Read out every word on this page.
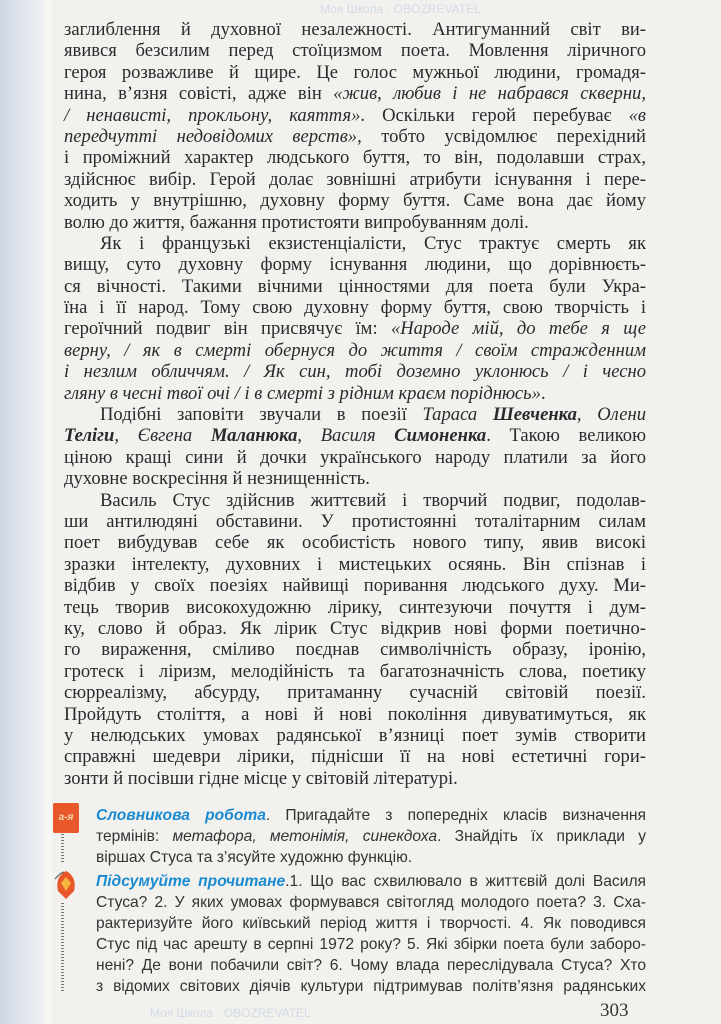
Моя Школа · OBOZREVATEL
Моя Школа · OBOZREVATEL
заглиблення й духовної незалежності. Антигуманний світ ви-
явився безсилим перед стоїцизмом поета. Мовлення ліричного
героя розважливе й щире. Це голос мужньої людини, громадя-
нина, в’язня совісті, адже він «жив, любив і не набрався скверни,
/ ненависті, прокльону, каяття». Оскільки герой перебуває «в
передчутті недовідомих верств», тобто усвідомлює перехідний
і проміжний характер людського буття, то він, подолавши страх,
здійснює вибір. Герой долає зовнішні атрибути існування і пере-
ходить у внутрішню, духовну форму буття. Саме вона дає йому
волю до життя, бажання протистояти випробуванням долі.
Як і французькі екзистенціалісти, Стус трактує смерть як
вищу, суто духовну форму існування людини, що дорівнюєть-
ся вічності. Такими вічними цінностями для поета були Укра-
їна і її народ. Тому свою духовну форму буття, свою творчість і
героїчний подвиг він присвячує їм: «Народе мій, до тебе я ще
верну, / як в смерті обернуся до життя / своїм стражденним
і незлим обличчям. / Як син, тобі доземно уклонюсь / і чесно
гляну в чесні твої очі / і в смерті з рідним краєм поріднюсь».
Подібні заповіти звучали в поезії Тараса Шевченка, Олени
Теліги, Євгена Маланюка, Василя Симоненка. Такою великою
ціною кращі сини й дочки українського народу платили за його
духовне воскресіння й незнищенність.
Василь Стус здійснив життєвий і творчий подвиг, подолав-
ши антилюдяні обставини. У протистоянні тоталітарним силам
поет вибудував себе як особистість нового типу, явив високі
зразки інтелекту, духовних і мистецьких осяянь. Він спізнав і
відбив у своїх поезіях найвищі поривання людського духу. Ми-
тець творив високохудожню лірику, синтезуючи почуття і дум-
ку, слово й образ. Як лірик Стус відкрив нові форми поетично-
го вираження, сміливо поєднав символічність образу, іронію,
гротеск і ліризм, мелодійність та багатозначність слова, поетику
сюрреалізму, абсурду, притаманну сучасній світовій поезії.
Пройдуть століття, а нові й нові покоління дивуватимуться, як
у нелюдських умовах радянської в’язниці поет зумів створити
справжні шедеври лірики, піднісши її на нові естетичні гори-
зонти й посівши гідне місце у світовій літературі.
а-я	Словникова робота. Пригадайте з попередніх класів визначення
термінів: метафора, метонімія, синекдоха. Знайдіть їх приклади у
віршах Стуса та з’ясуйте художню функцію.
Підсумуйте прочитане.1. Що вас схвилювало в життєвій долі Василя
Стуса? 2. У яких умовах формувався світогляд молодого поета? 3. Cха-
рактеризуйте його київський період життя і творчості. 4. Як поводився
Стус під час арешту в серпні 1972 року? 5. Які збірки поета були заборо-
нені? Де вони побачили світ? 6. Чому влада переслідувала Стуса? Хто
з відомих світових діячів культури підтримував політв’язня радянських
303
